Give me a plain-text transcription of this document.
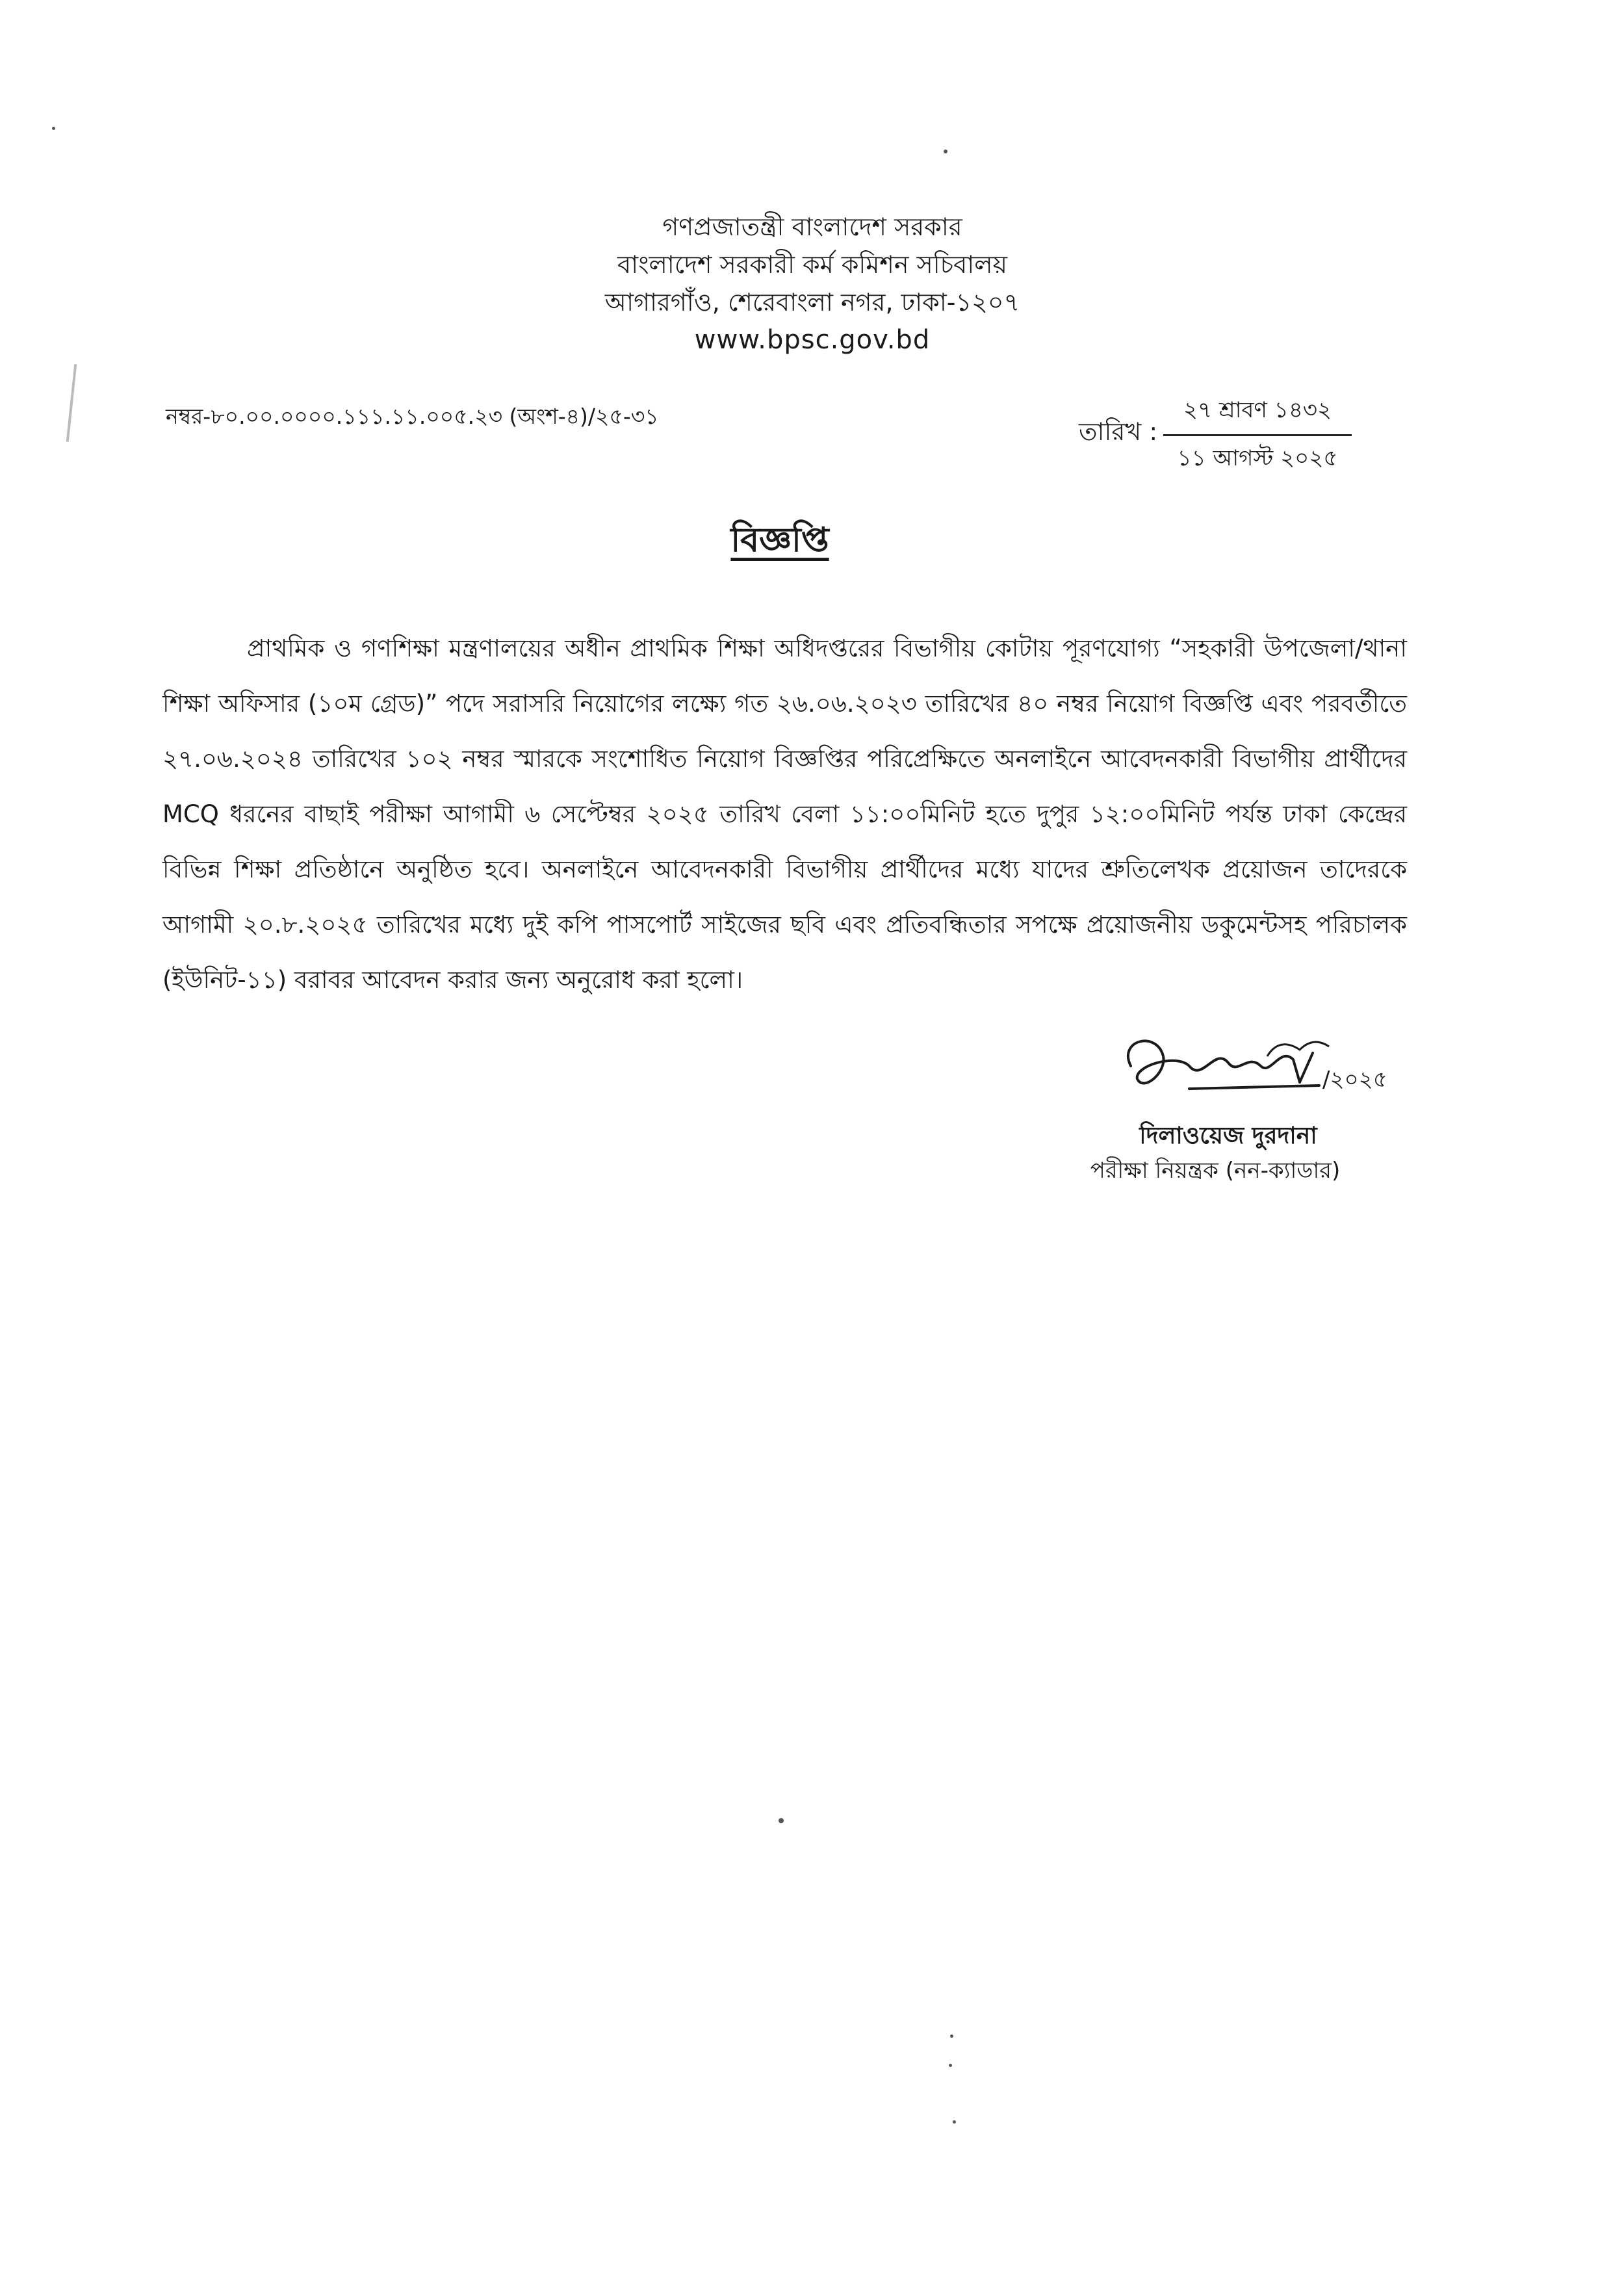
গণপ্রজাতন্ত্রী বাংলাদেশ সরকার
বাংলাদেশ সরকারী কর্ম কমিশন সচিবালয়
আগারগাঁও, শেরেবাংলা নগর, ঢাকা-১২০৭
www.bpsc.gov.bd
নম্বর-৮০.০০.০০০০.১১১.১১.০০৫.২৩ (অংশ-৪)/২৫-৩১
তারিখ :
২৭ শ্রাবণ ১৪৩২
১১ আগস্ট ২০২৫
বিজ্ঞপ্তি

প্রাথমিক ও গণশিক্ষা মন্ত্রণালয়ের অধীন প্রাথমিক শিক্ষা অধিদপ্তরের বিভাগীয় কোটায় পূরণযোগ্য “সহকারী উপজেলা/থানা শিক্ষা অফিসার (১০ম গ্রেড)” পদে সরাসরি নিয়োগের লক্ষ্যে গত ২৬.০৬.২০২৩ তারিখের ৪০ নম্বর নিয়োগ বিজ্ঞপ্তি এবং পরবর্তীতে ২৭.০৬.২০২৪ তারিখের ১০২ নম্বর স্মারকে সংশোধিত নিয়োগ বিজ্ঞপ্তির পরিপ্রেক্ষিতে অনলাইনে আবেদনকারী বিভাগীয় প্রার্থীদের MCQ ধরনের বাছাই পরীক্ষা আগামী ৬ সেপ্টেম্বর ২০২৫ তারিখ বেলা ১১:০০মিনিট হতে দুপুর ১২:০০মিনিট পর্যন্ত ঢাকা কেন্দ্রের বিভিন্ন শিক্ষা প্রতিষ্ঠানে অনুষ্ঠিত হবে। অনলাইনে আবেদনকারী বিভাগীয় প্রার্থীদের মধ্যে যাদের শ্রুতিলেখক প্রয়োজন তাদেরকে আগামী ২০.৮.২০২৫ তারিখের মধ্যে দুই কপি পাসপোর্ট সাইজের ছবি এবং প্রতিবন্ধিতার সপক্ষে প্রয়োজনীয় ডকুমেন্টসহ পরিচালক (ইউনিট-১১) বরাবর আবেদন করার জন্য অনুরোধ করা হলো।

/২০২৫
দিলাওয়েজ দুরদানা
পরীক্ষা নিয়ন্ত্রক (নন-ক্যাডার)
